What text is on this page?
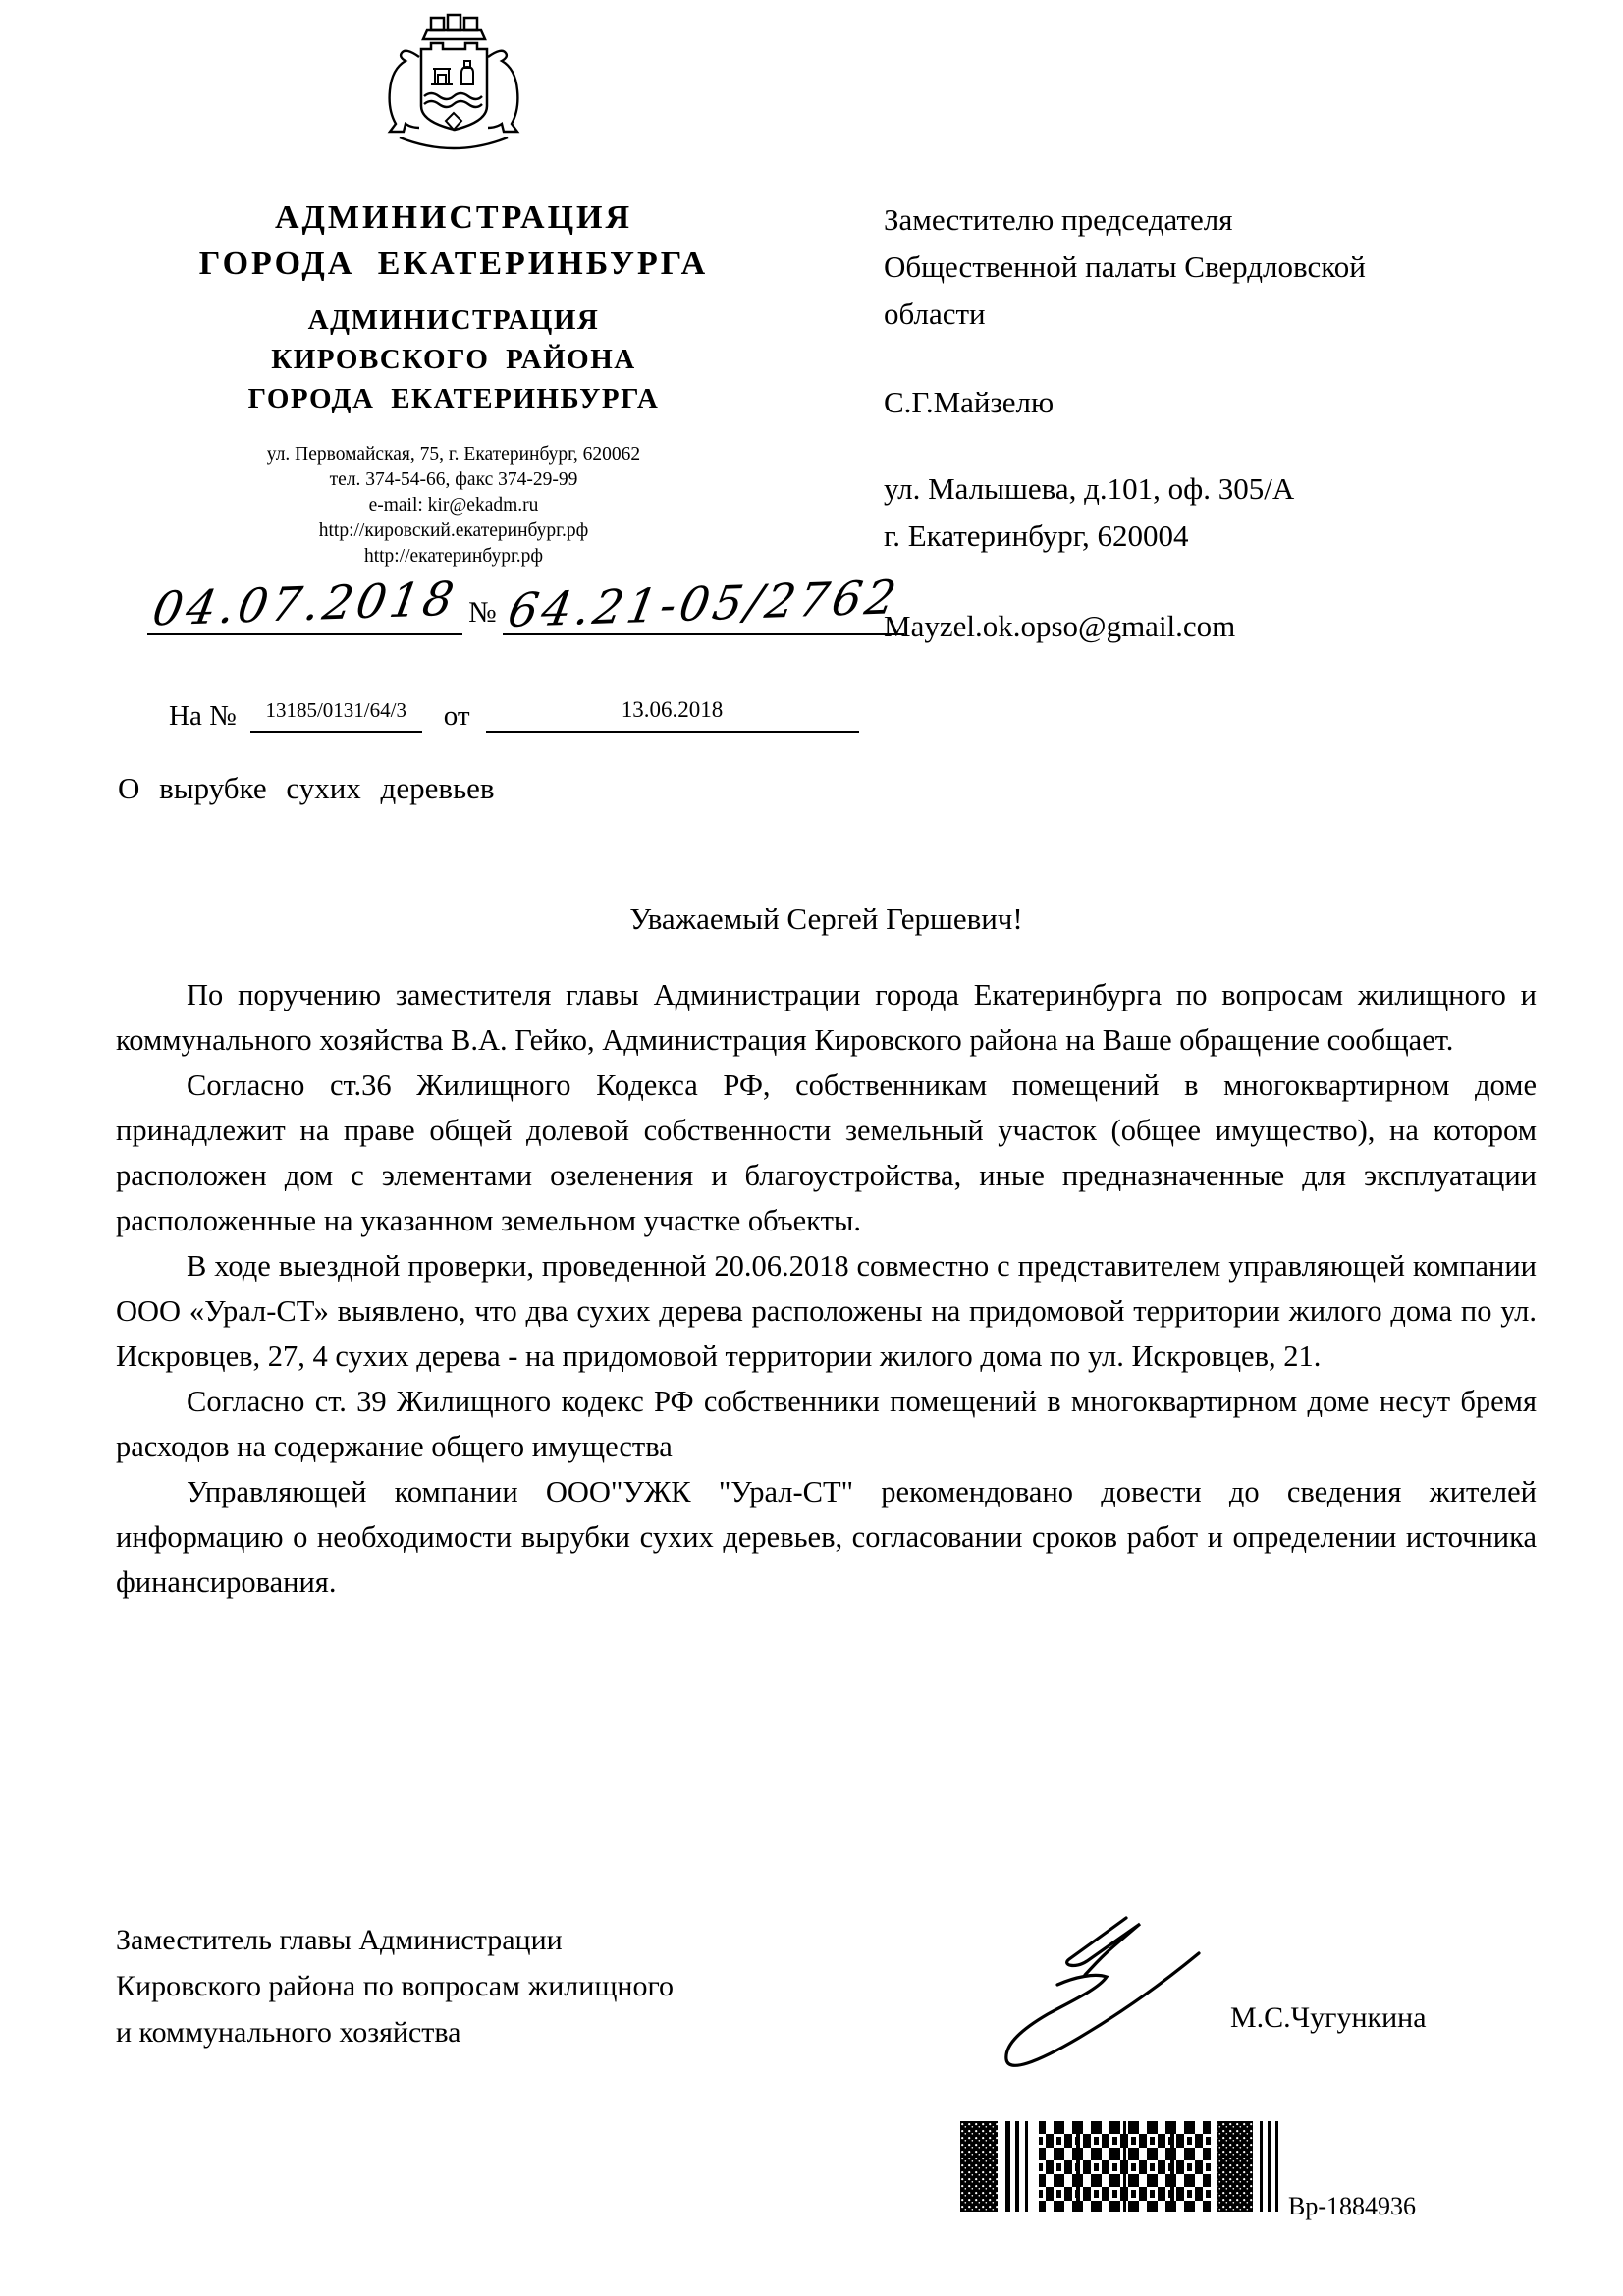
АДМИНИСТРАЦИЯ
ГОРОДА ЕКАТЕРИНБУРГА
АДМИНИСТРАЦИЯ
КИРОВСКОГО РАЙОНА
ГОРОДА ЕКАТЕРИНБУРГА
ул. Первомайская, 75, г. Екатеринбург, 620062
тел. 374-54-66, факс 374-29-99
e-mail: kir@ekadm.ru
http://кировский.екатеринбург.рф
http://екатеринбург.рф
Заместителю председателя
Общественной палаты Свердловской
области
С.Г.Майзелю
ул. Малышева, д.101, оф. 305/А
г. Екатеринбург, 620004
Mayzel.ok.opso@gmail.com
04.07.2018 № 64.21-05/2762
На № 13185/0131/64/3 от	13.06.2018
О вырубке сухих деревьев
Уважаемый Сергей Гершевич!

По поручению заместителя главы Администрации города Екатеринбурга по вопросам жилищного и коммунального хозяйства В.А. Гейко, Администрация Кировского района на Ваше обращение сообщает.

Согласно ст.36 Жилищного Кодекса РФ, собственникам помещений в многоквартирном доме принадлежит на праве общей долевой собственности земельный участок (общее имущество), на котором расположен дом с элементами озеленения и благоустройства, иные предназначенные для эксплуатации расположенные на указанном земельном участке объекты.

В ходе выездной проверки, проведенной 20.06.2018 совместно с представителем управляющей компании ООО «Урал-СТ» выявлено, что два сухих дерева расположены на придомовой территории жилого дома по ул. Искровцев, 27, 4 сухих дерева - на придомовой территории жилого дома по ул. Искровцев, 21.

Согласно ст. 39 Жилищного кодекс РФ собственники помещений в многоквартирном доме несут бремя расходов на содержание общего имущества

Управляющей компании ООО"УЖК "Урал-СТ" рекомендовано довести до сведения жителей информацию о необходимости вырубки сухих деревьев, согласовании сроков работ и определении источника финансирования.

Заместитель главы Администрации
Кировского района по вопросам жилищного
и коммунального хозяйства	М.С.Чугункина
Вр-1884936
